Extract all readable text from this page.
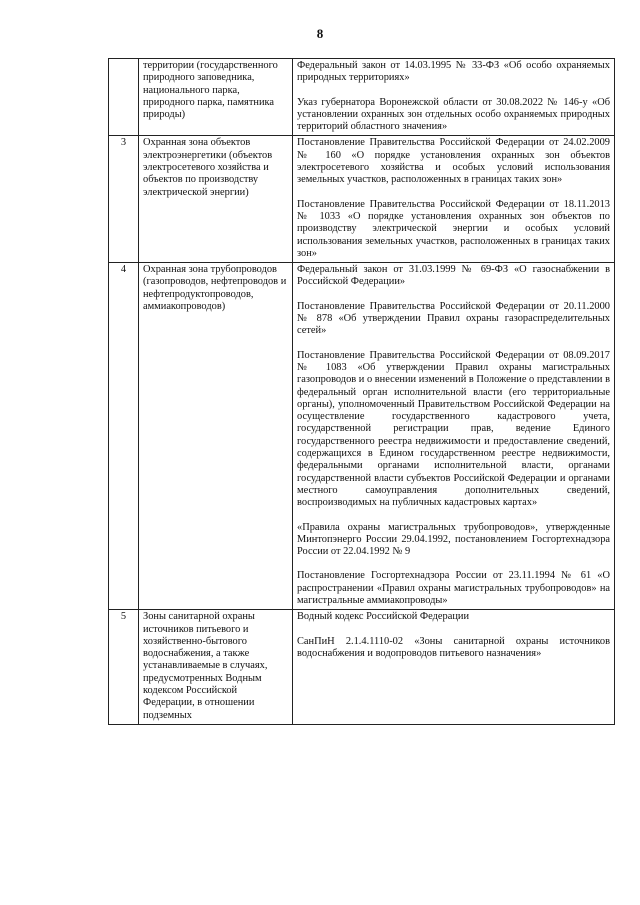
8
	территории (государственного природного заповедника, национального парка, природного парка, памятника природы)	Федеральный закон от 14.03.1995 № 33-ФЗ «Об особо охраняемых природных территориях»

Указ губернатора Воронежской области от 30.08.2022 № 146-у «Об установлении охранных зон отдельных особо охраняемых природных территорий областного значения»

3	Охранная зона объектов электроэнергетики (объектов электросетевого хозяйства и объектов по производству электрической энергии)	Постановление Правительства Российской Федерации от 24.02.2009 № 160 «О порядке установления охранных зон объектов электросетевого хозяйства и особых условий использования земельных участков, расположенных в границах таких зон»

Постановление Правительства Российской Федерации от 18.11.2013 № 1033 «О порядке установления охранных зон объектов по производству электрической энергии и особых условий использования земельных участков, расположенных в границах таких зон»

4	Охранная зона трубопроводов (газопроводов, нефтепроводов и нефтепродуктопроводов, аммиакопроводов)	Федеральный закон от 31.03.1999 № 69-ФЗ «О газоснабжении в Российской Федерации»

Постановление Правительства Российской Федерации от 20.11.2000 № 878 «Об утверждении Правил охраны газораспределительных сетей»

Постановление Правительства Российской Федерации от 08.09.2017 № 1083 «Об утверждении Правил охраны магистральных газопроводов и о внесении изменений в Положение о представлении в федеральный орган исполнительной власти (его территориальные органы), уполномоченный Правительством Российской Федерации на осуществление государственного кадастрового учета, государственной регистрации прав, ведение Единого государственного реестра недвижимости и предоставление сведений, содержащихся в Едином государственном реестре недвижимости, федеральными органами исполнительной власти, органами государственной власти субъектов Российской Федерации и органами местного самоуправления дополнительных сведений, воспроизводимых на публичных кадастровых картах»

«Правила охраны магистральных трубопроводов», утвержденные Минтопэнерго России 29.04.1992, постановлением Госгортехнадзора России от 22.04.1992 № 9

Постановление Госгортехнадзора России от 23.11.1994 № 61 «О распространении «Правил охраны магистральных трубопроводов» на магистральные аммиакопроводы»

5	Зоны санитарной охраны источников питьевого и хозяйственно-бытового водоснабжения, а также устанавливаемые в случаях, предусмотренных Водным кодексом Российской Федерации, в отношении подземных	Водный кодекс Российской Федерации

СанПиН 2.1.4.1110-02 «Зоны санитарной охраны источников водоснабжения и водопроводов питьевого назначения»
